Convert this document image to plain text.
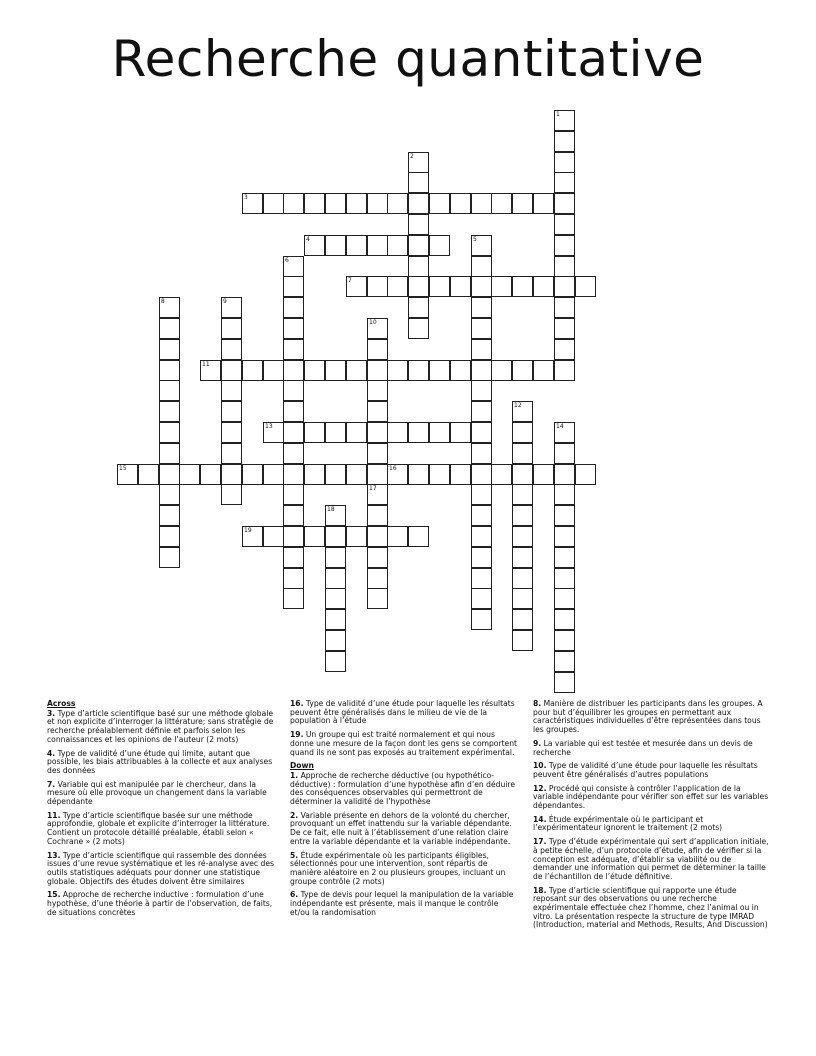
Recherche quantitative
1
2
3
4	5
6
7
8	9
10
17
11
12
13	14
15	16
18
19
Across
3. Type d’article scientifique basé sur une méthode globale et non explicite d’interroger la littérature; sans stratégie de recherche préalablement définie et parfois selon les connaissances et les opinions de l’auteur (2 mots)
4. Type de validité d’une étude qui limite, autant que possible, les biais attribuables à la collecte et aux analyses des données
7. Variable qui est manipulée par le chercheur, dans la mesure où elle provoque un changement dans la variable dépendante
11. Type d’article scientifique basée sur une méthode approfondie, globale et explicite d’interroger la littérature. Contient un protocole détaillé préalable, établi selon « Cochrane » (2 mots)
13. Type d’article scientifique qui rassemble des données issues d’une revue systématique et les ré-analyse avec des outils statistiques adéquats pour donner une statistique globale. Objectifs des études doivent être similaires
15. Approche de recherche inductive : formulation d’une hypothèse, d’une théorie à partir de l’observation, de faits, de situations concrètes
16. Type de validité d’une étude pour laquelle les résultats peuvent être généralisés dans le milieu de vie de la population à l’étude
19. Un groupe qui est traité normalement et qui nous donne une mesure de la façon dont les gens se comportent quand ils ne sont pas exposés au traitement expérimental.
Down
1. Approche de recherche déductive (ou hypothético-déductive) : formulation d’une hypothèse afin d’en déduire des conséquences observables qui permettront de déterminer la validité de l’hypothèse
2. Variable présente en dehors de la volonté du chercher, provoquant un effet inattendu sur la variable dépendante. De ce fait, elle nuit à l’établissement d’une relation claire entre la variable dépendante et la variable indépendante.
5. Étude expérimentale où les participants éligibles, sélectionnés pour une intervention, sont répartis de manière aléatoire en 2 ou plusieurs groupes, incluant un groupe contrôle (2 mots)
6. Type de devis pour lequel la manipulation de la variable indépendante est présente, mais il manque le contrôle et/ou la randomisation
8. Manière de distribuer les participants dans les groupes. A pour but d’équilibrer les groupes en permettant aux caractéristiques individuelles d’être représentées dans tous les groupes.
9. La variable qui est testée et mesurée dans un devis de recherche
10. Type de validité d’une étude pour laquelle les résultats peuvent être généralisés d’autres populations
12. Procédé qui consiste à contrôler l’application de la variable indépendante pour vérifier son effet sur les variables dépendantes.
14. Étude expérimentale où le participant et l’expérimentateur ignorent le traitement (2 mots)
17. Type d’étude expérimentale qui sert d’application initiale, à petite échelle, d’un protocole d’étude, afin de vérifier si la conception est adéquate, d’établir sa viabilité ou de demander une information qui permet de déterminer la taille de l’échantillon de l’étude définitive.
18. Type d’article scientifique qui rapporte une étude reposant sur des observations ou une recherche expérimentale effectuée chez l’homme, chez l’animal ou in vitro. La présentation respecte la structure de type IMRAD (Introduction, material and Methods, Results, And Discussion)
